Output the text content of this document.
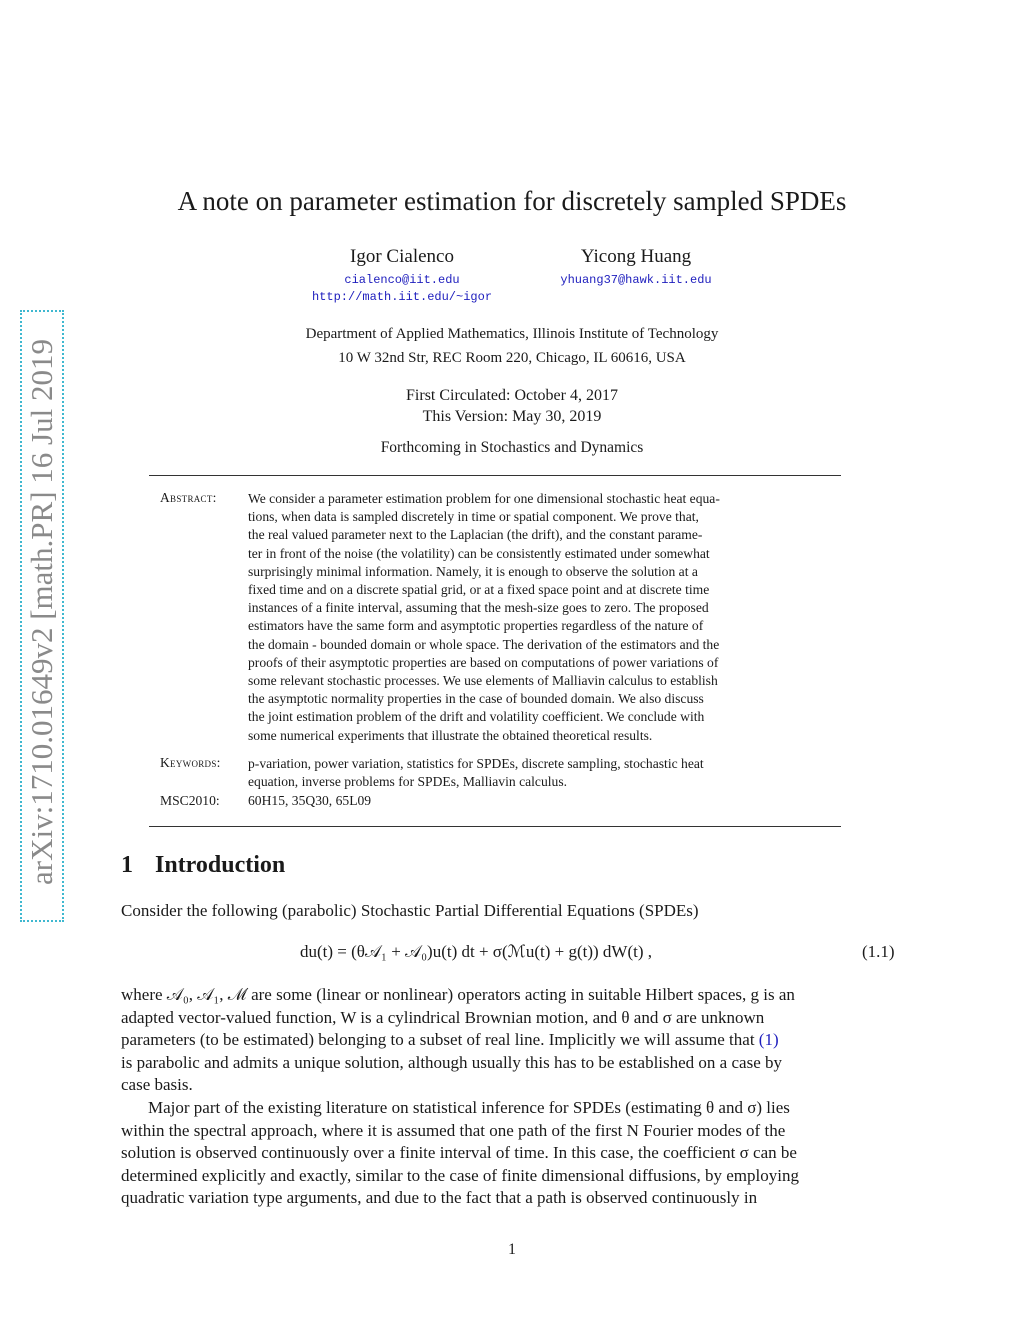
arXiv:1710.01649v2 [math.PR] 16 Jul 2019
A note on parameter estimation for discretely sampled SPDEs
Igor Cialenco	Yicong Huang
cialenco@iit.edu
http://math.iit.edu/~igor
yhuang37@hawk.iit.edu
Department of Applied Mathematics, Illinois Institute of Technology
10 W 32nd Str, REC Room 220, Chicago, IL 60616, USA
First Circulated: October 4, 2017
This Version: May 30, 2019
Forthcoming in Stochastics and Dynamics
Abstract: We consider a parameter estimation problem for one dimensional stochastic heat equa-
tions, when data is sampled discretely in time or spatial component. We prove that,
the real valued parameter next to the Laplacian (the drift), and the constant parame-
ter in front of the noise (the volatility) can be consistently estimated under somewhat
surprisingly minimal information. Namely, it is enough to observe the solution at a
fixed time and on a discrete spatial grid, or at a fixed space point and at discrete time
instances of a finite interval, assuming that the mesh-size goes to zero. The proposed
estimators have the same form and asymptotic properties regardless of the nature of
the domain - bounded domain or whole space. The derivation of the estimators and the
proofs of their asymptotic properties are based on computations of power variations of
some relevant stochastic processes. We use elements of Malliavin calculus to establish
the asymptotic normality properties in the case of bounded domain. We also discuss
the joint estimation problem of the drift and volatility coefficient. We conclude with
some numerical experiments that illustrate the obtained theoretical results.
Keywords: p-variation, power variation, statistics for SPDEs, discrete sampling, stochastic heat
equation, inverse problems for SPDEs, Malliavin calculus.
MSC2010: 60H15, 35Q30, 65L09
1 Introduction
Consider the following (parabolic) Stochastic Partial Differential Equations (SPDEs)
du(t) = (θ𝒜₁ + 𝒜₀)u(t) dt + σ(ℳu(t) + g(t)) dW(t) ,	(1.1)
where 𝒜₀, 𝒜₁, ℳ are some (linear or nonlinear) operators acting in suitable Hilbert spaces, g is an
adapted vector-valued function, W is a cylindrical Brownian motion, and θ and σ are unknown
parameters (to be estimated) belonging to a subset of real line. Implicitly we will assume that (1)
is parabolic and admits a unique solution, although usually this has to be established on a case by
case basis.
Major part of the existing literature on statistical inference for SPDEs (estimating θ and σ) lies
within the spectral approach, where it is assumed that one path of the first N Fourier modes of the
solution is observed continuously over a finite interval of time. In this case, the coefficient σ can be
determined explicitly and exactly, similar to the case of finite dimensional diffusions, by employing
quadratic variation type arguments, and due to the fact that a path is observed continuously in
1
